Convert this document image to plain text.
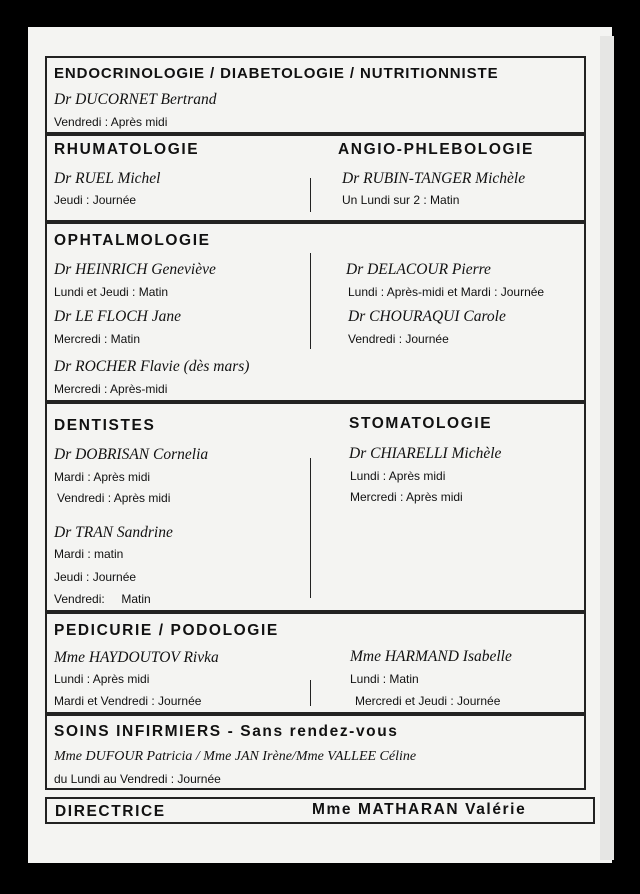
ENDOCRINOLOGIE / DIABETOLOGIE / NUTRITIONNISTE
Dr DUCORNET Bertrand
Vendredi : Après midi
RHUMATOLOGIE	ANGIO-PHLEBOLOGIE
Dr RUEL Michel
Jeudi : Journée
Dr RUBIN-TANGER Michèle
Un Lundi sur 2 : Matin
OPHTALMOLOGIE
Dr HEINRICH Geneviève
Lundi et Jeudi : Matin
Dr LE FLOCH Jane
Mercredi : Matin
Dr ROCHER Flavie (dès mars)
Mercredi : Après-midi
Dr DELACOUR Pierre
Lundi : Après-midi et Mardi : Journée
Dr CHOURAQUI Carole
Vendredi : Journée
DENTISTES
Dr DOBRISAN Cornelia
Mardi : Après midi
Vendredi : Après midi
Dr TRAN Sandrine
Mardi : matin
Jeudi : Journée
Vendredi:     Matin
STOMATOLOGIE
Dr CHIARELLI Michèle
Lundi : Après midi
Mercredi : Après midi
PEDICURIE / PODOLOGIE
Mme HAYDOUTOV Rivka
Lundi : Après midi
Mardi et Vendredi : Journée
Mme HARMAND Isabelle
Lundi : Matin
Mercredi et Jeudi : Journée
SOINS INFIRMIERS - Sans rendez-vous
Mme DUFOUR Patricia / Mme JAN Irène/Mme VALLEE Céline
du Lundi au Vendredi : Journée
DIRECTRICE	Mme MATHARAN Valérie
